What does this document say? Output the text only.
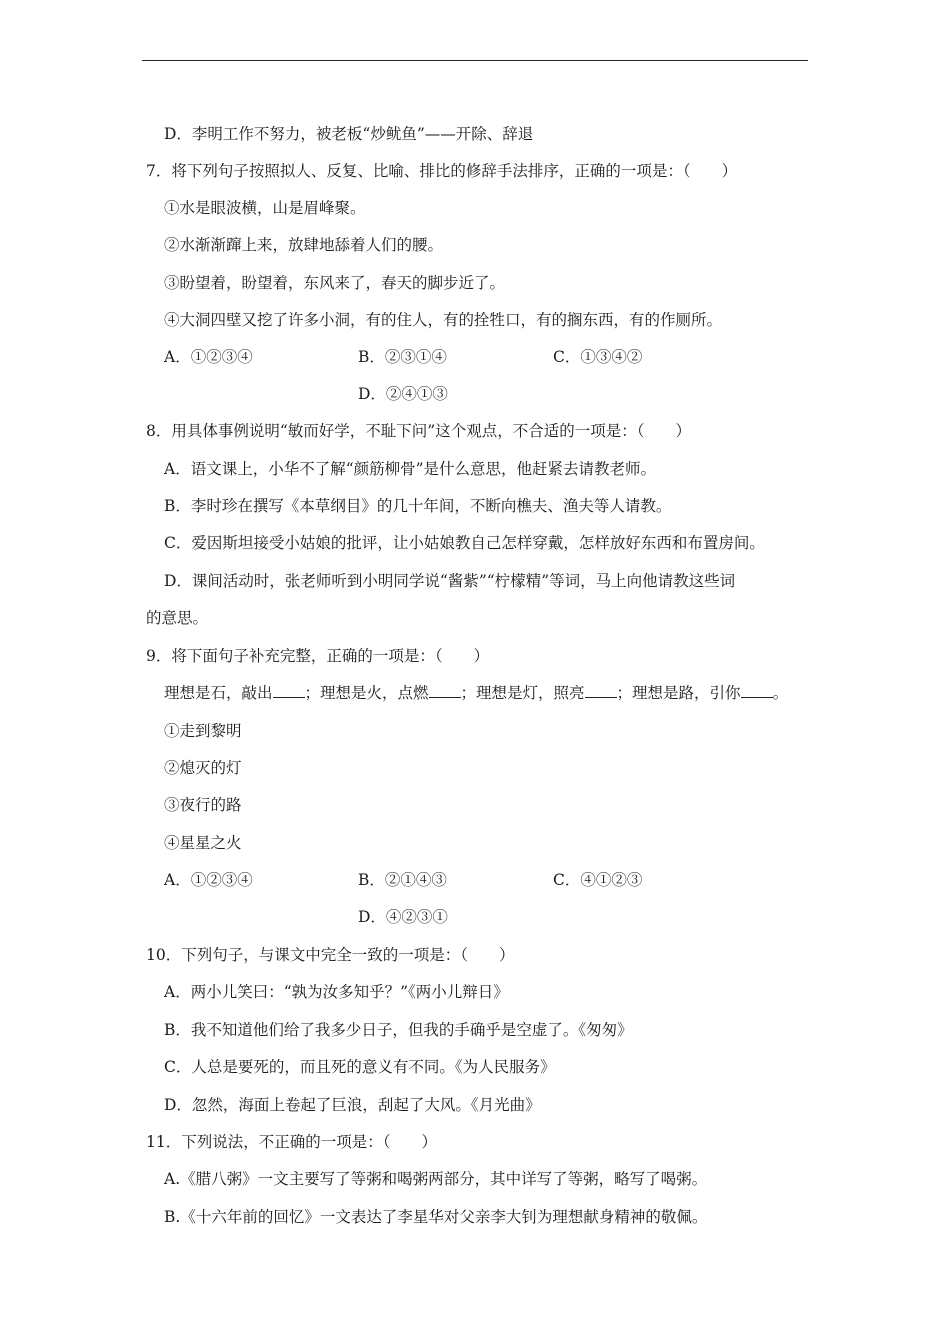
D．李明工作不努力，被老板“炒鱿鱼”——开除、辞退
7．将下列句子按照拟人、反复、比喻、排比的修辞手法排序，正确的一项是：（　　）
①水是眼波横，山是眉峰聚。
②水渐渐蹿上来，放肆地舔着人们的腰。
③盼望着，盼望着，东风来了，春天的脚步近了。
④大洞四壁又挖了许多小洞，有的住人，有的拴牲口，有的搁东西，有的作厕所。
A．①②③④	B．②③①④	C．①③④②
D．②④①③
8．用具体事例说明“敏而好学，不耻下问”这个观点，不合适的一项是：（　　）
A．语文课上，小华不了解“颜筋柳骨”是什么意思，他赶紧去请教老师。
B．李时珍在撰写《本草纲目》的几十年间，不断向樵夫、渔夫等人请教。
C．爱因斯坦接受小姑娘的批评，让小姑娘教自己怎样穿戴，怎样放好东西和布置房间。
D．课间活动时，张老师听到小明同学说“酱紫”“柠檬精”等词，马上向他请教这些词
的意思。
9．将下面句子补充完整，正确的一项是：（　　）
理想是石，敲出 ；理想是火，点燃 ；理想是灯，照亮 ；理想是路，引你 。
①走到黎明
②熄灭的灯
③夜行的路
④星星之火
A．①②③④	B．②①④③	C．④①②③
D．④②③①
10．下列句子，与课文中完全一致的一项是：（　　）
A．两小儿笑曰：“孰为汝多知乎？”《两小儿辩日》
B．我不知道他们给了我多少日子，但我的手确乎是空虚了。《匆匆》
C．人总是要死的，而且死的意义有不同。《为人民服务》
D．忽然，海面上卷起了巨浪，刮起了大风。《月光曲》
11．下列说法，不正确的一项是：（　　）
A.《腊八粥》一文主要写了等粥和喝粥两部分，其中详写了等粥，略写了喝粥。
B.《十六年前的回忆》一文表达了李星华对父亲李大钊为理想献身精神的敬佩。
